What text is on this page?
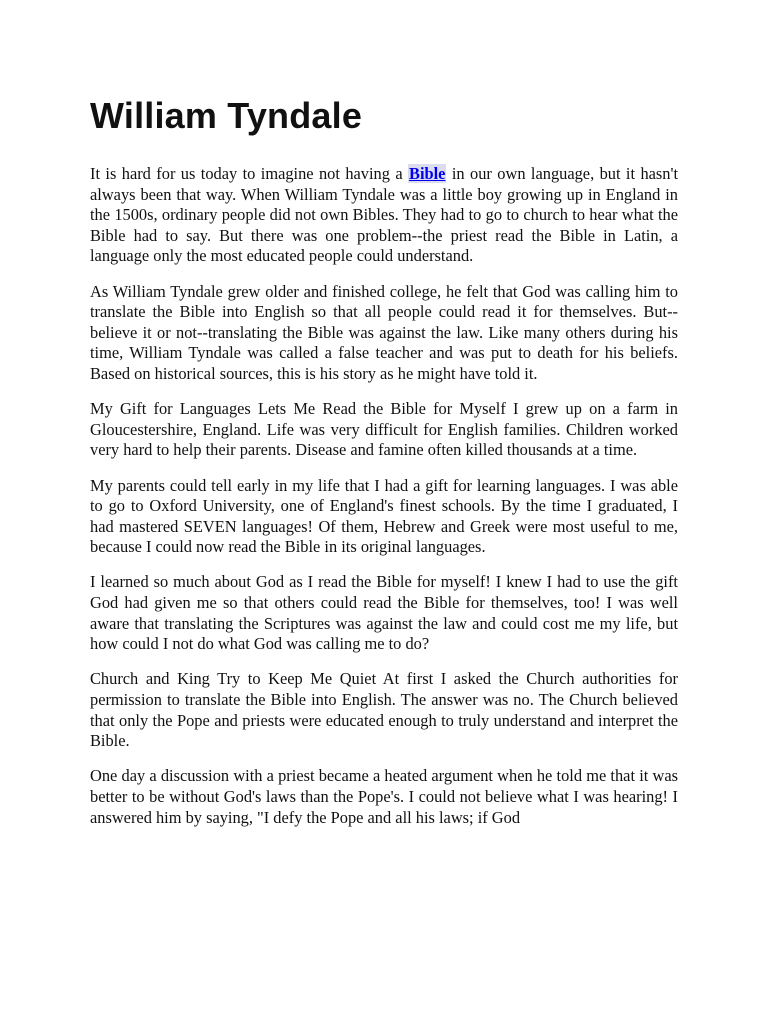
William Tyndale

It is hard for us today to imagine not having a Bible in our own language, but it hasn't always been that way. When William Tyndale was a little boy growing up in England in the 1500s, ordinary people did not own Bibles. They had to go to church to hear what the Bible had to say. But there was one problem--the priest read the Bible in Latin, a language only the most educated people could understand.

As William Tyndale grew older and finished college, he felt that God was calling him to translate the Bible into English so that all people could read it for themselves. But--believe it or not--translating the Bible was against the law. Like many others during his time, William Tyndale was called a false teacher and was put to death for his beliefs. Based on historical sources, this is his story as he might have told it.

My Gift for Languages Lets Me Read the Bible for Myself I grew up on a farm in Gloucestershire, England. Life was very difficult for English families. Children worked very hard to help their parents. Disease and famine often killed thousands at a time.

My parents could tell early in my life that I had a gift for learning languages. I was able to go to Oxford University, one of England's finest schools. By the time I graduated, I had mastered SEVEN languages! Of them, Hebrew and Greek were most useful to me, because I could now read the Bible in its original languages.

I learned so much about God as I read the Bible for myself! I knew I had to use the gift God had given me so that others could read the Bible for themselves, too! I was well aware that translating the Scriptures was against the law and could cost me my life, but how could I not do what God was calling me to do?

Church and King Try to Keep Me Quiet At first I asked the Church authorities for permission to translate the Bible into English. The answer was no. The Church believed that only the Pope and priests were educated enough to truly understand and interpret the Bible.

One day a discussion with a priest became a heated argument when he told me that it was better to be without God's laws than the Pope's. I could not believe what I was hearing! I answered him by saying, "I defy the Pope and all his laws; if God
